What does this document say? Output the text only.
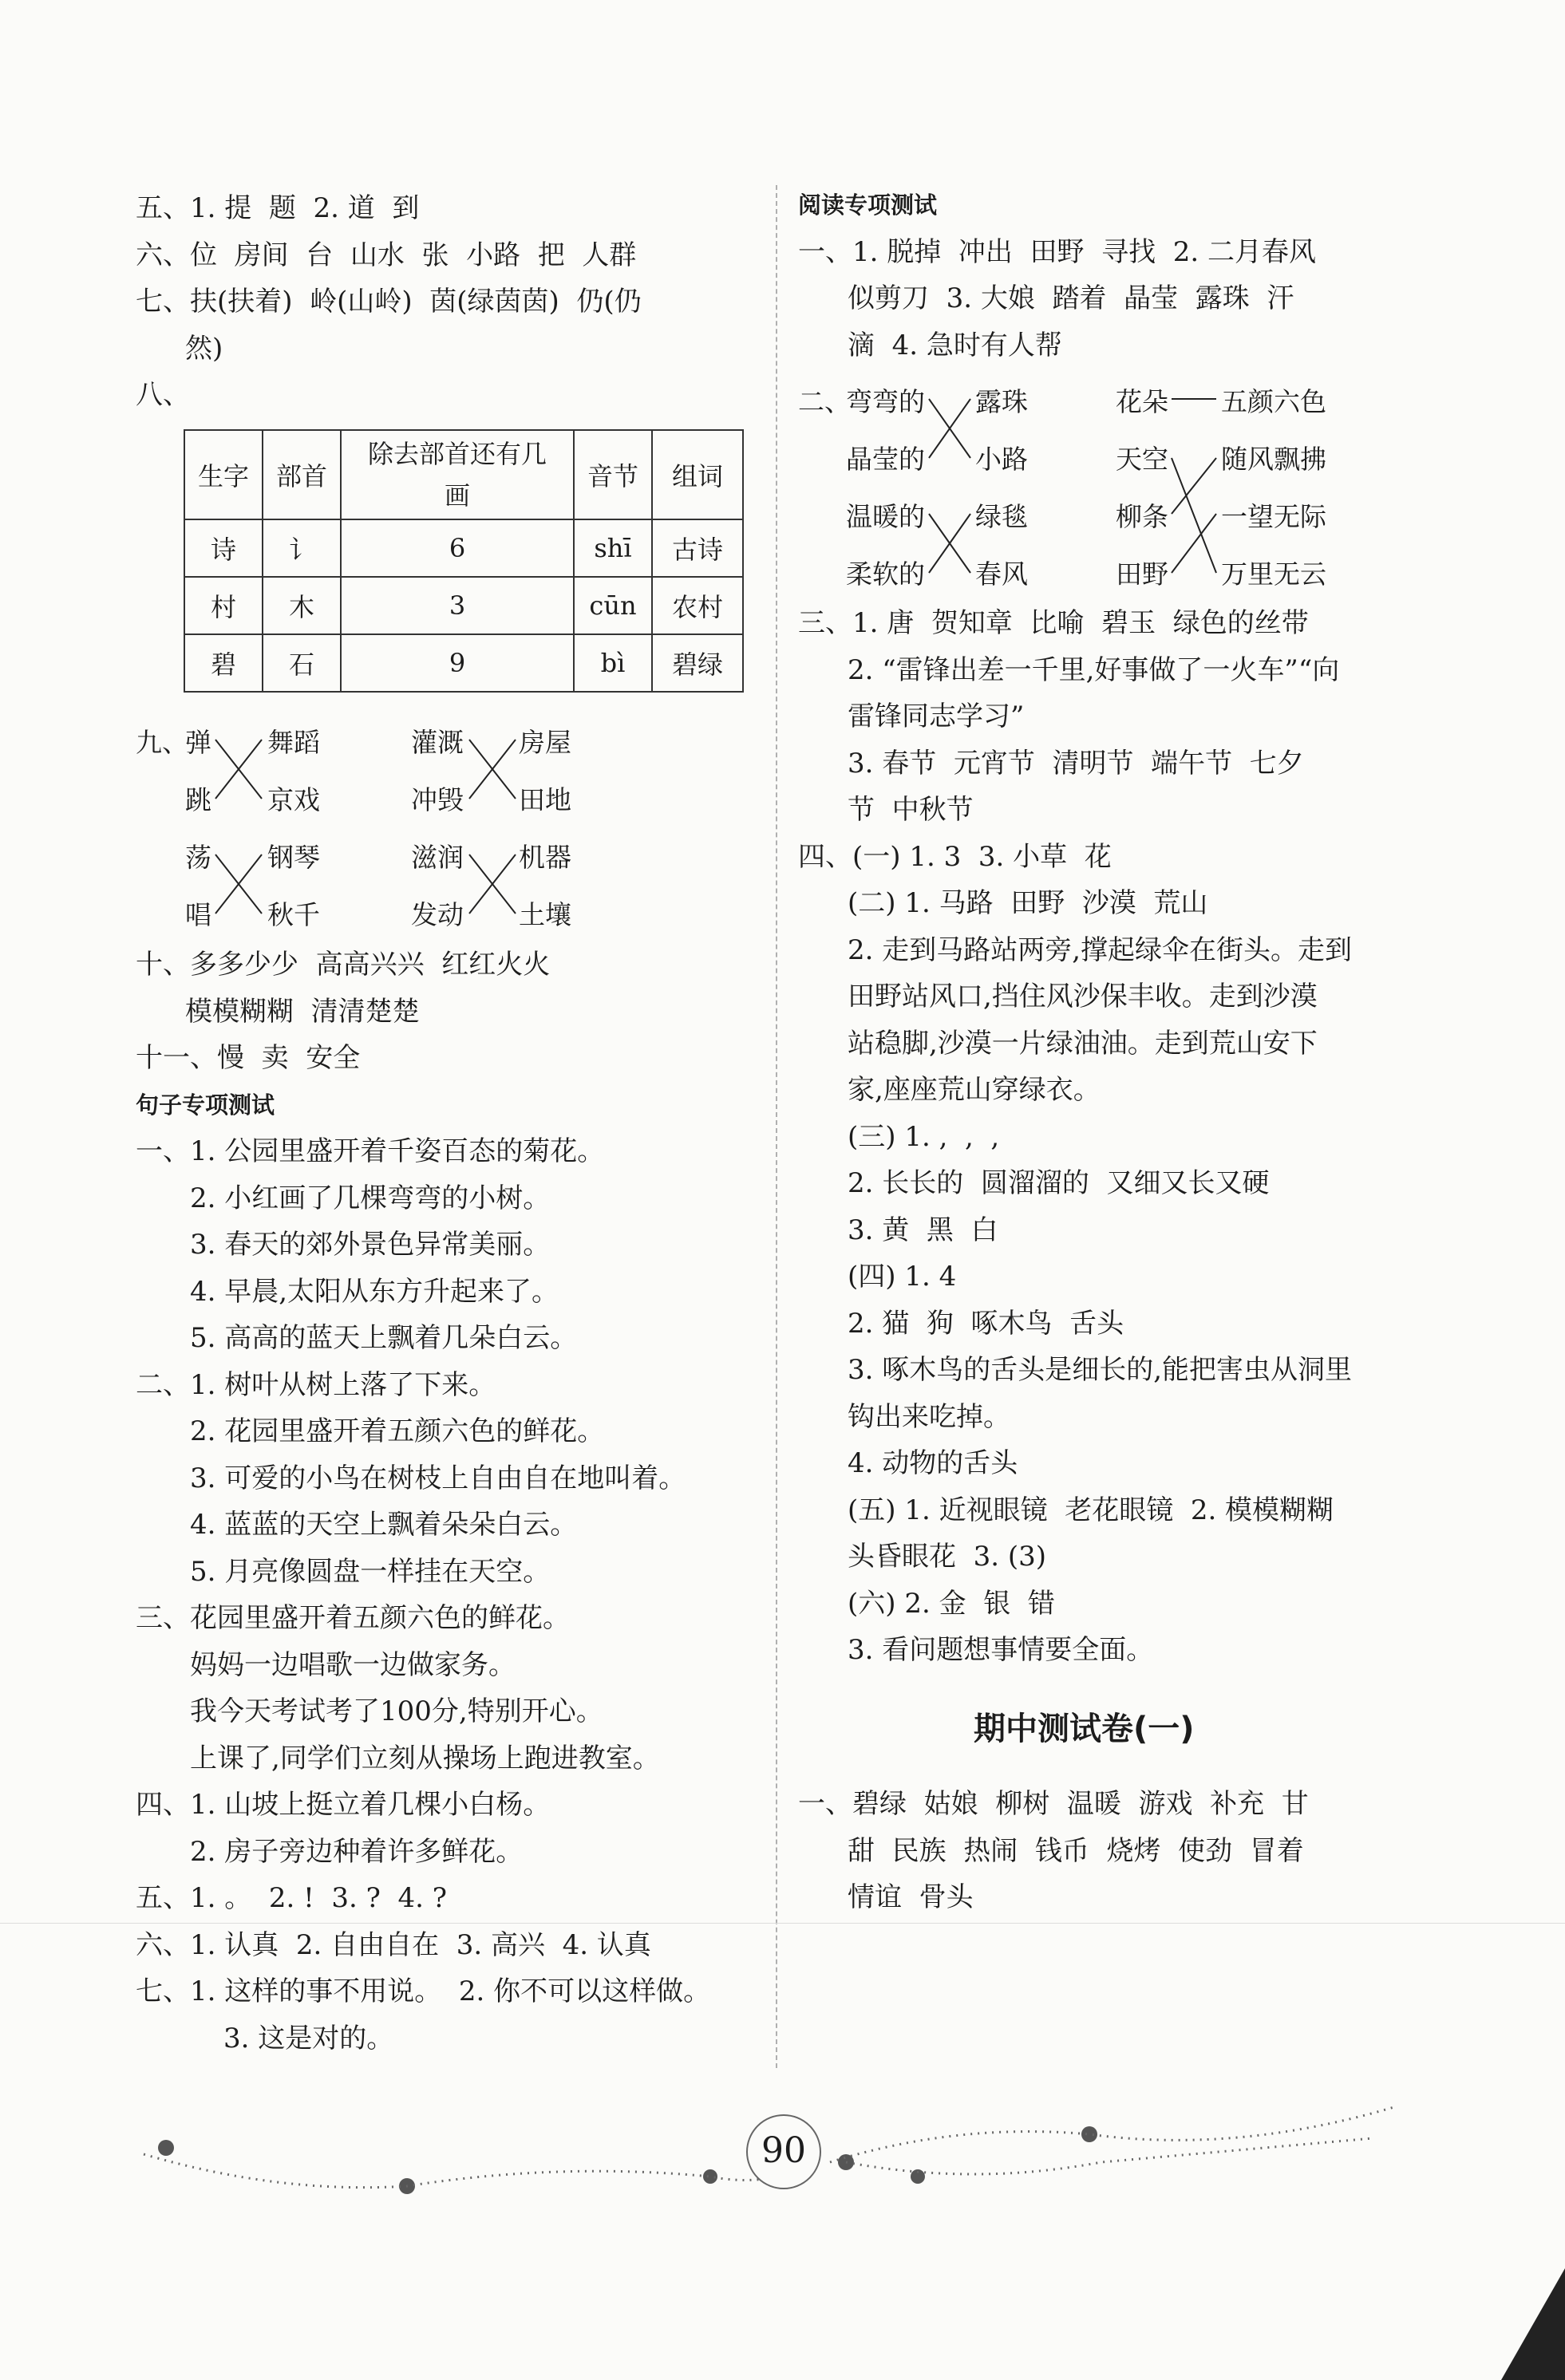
五、1. 提  题  2. 道  到
六、位  房间  台  山水  张  小路  把  人群
七、扶(扶着)  岭(山岭)  茵(绿茵茵)  仍(仍
然)
八、
生字	部首	除去部首还有几画	音节	组词
诗	讠	6	shī	古诗
村	木	3	cūn	农村
碧	石	9	bì	碧绿
九、
弹
跳
荡
唱
舞蹈
京戏
钢琴
秋千
灌溉
冲毁
滋润
发动
房屋
田地
机器
土壤
十、多多少少  高高兴兴  红红火火
模模糊糊  清清楚楚
十一、慢  卖  安全
句子专项测试
一、1. 公园里盛开着千姿百态的菊花。
2. 小红画了几棵弯弯的小树。
3. 春天的郊外景色异常美丽。
4. 早晨,太阳从东方升起来了。
5. 高高的蓝天上飘着几朵白云。
二、1. 树叶从树上落了下来。
2. 花园里盛开着五颜六色的鲜花。
3. 可爱的小鸟在树枝上自由自在地叫着。
4. 蓝蓝的天空上飘着朵朵白云。
5. 月亮像圆盘一样挂在天空。
三、花园里盛开着五颜六色的鲜花。
妈妈一边唱歌一边做家务。
我今天考试考了100分,特别开心。
上课了,同学们立刻从操场上跑进教室。
四、1. 山坡上挺立着几棵小白杨。
2. 房子旁边种着许多鲜花。
五、1. 。  2. !  3. ?  4. ?
六、1. 认真  2. 自由自在  3. 高兴  4. 认真
七、1. 这样的事不用说。  2. 你不可以这样做。
3. 这是对的。
阅读专项测试
一、1. 脱掉  冲出  田野  寻找  2. 二月春风
似剪刀  3. 大娘  踏着  晶莹  露珠  汗
滴  4. 急时有人帮
二、
弯弯的
晶莹的
温暖的
柔软的
露珠
小路
绿毯
春风
花朵
天空
柳条
田野
五颜六色
随风飘拂
一望无际
万里无云
三、1. 唐  贺知章  比喻  碧玉  绿色的丝带
2. “雷锋出差一千里,好事做了一火车”“向
雷锋同志学习”
3. 春节  元宵节  清明节  端午节  七夕
节  中秋节
四、(一) 1. 3  3. 小草  花
(二) 1. 马路  田野  沙漠  荒山
2. 走到马路站两旁,撑起绿伞在街头。走到
田野站风口,挡住风沙保丰收。走到沙漠
站稳脚,沙漠一片绿油油。走到荒山安下
家,座座荒山穿绿衣。
(三) 1. ,  ,  ,
2. 长长的  圆溜溜的  又细又长又硬
3. 黄  黑  白
(四) 1. 4
2. 猫  狗  啄木鸟  舌头
3. 啄木鸟的舌头是细长的,能把害虫从洞里
钩出来吃掉。
4. 动物的舌头
(五) 1. 近视眼镜  老花眼镜  2. 模模糊糊
头昏眼花  3. (3)
(六) 2. 金  银  错
3. 看问题想事情要全面。
期中测试卷(一)
一、碧绿  姑娘  柳树  温暖  游戏  补充  甘
甜  民族  热闹  钱币  烧烤  使劲  冒着
情谊  骨头
90
